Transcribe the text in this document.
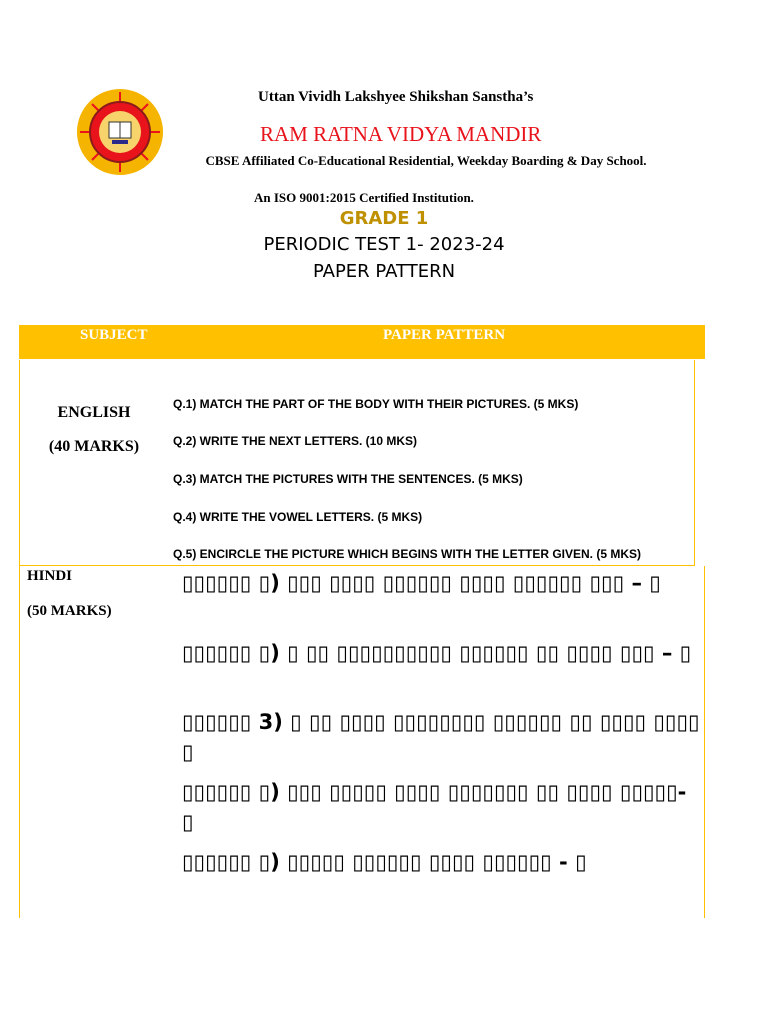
Uttan Vividh Lakshyee Shikshan Sanstha’s
RAM RATNA VIDYA MANDIR
CBSE Affiliated Co-Educational Residential, Weekday Boarding & Day School.
An ISO 9001:2015 Certified Institution.
GRADE 1
PERIODIC TEST 1- 2023-24
PAPER PATTERN
SUBJECT	PAPER PATTERN
ENGLISH
(40 MARKS)
Q.1) MATCH THE PART OF THE BODY WITH THEIR PICTURES. (5 MKS)
Q.2) WRITE THE NEXT LETTERS. (10 MKS)
Q.3) MATCH THE PICTURES WITH THE SENTENCES. (5 MKS)
Q.4) WRITE THE VOWEL LETTERS. (5 MKS)
Q.5) ENCIRCLE THE PICTURE WHICH BEGINS WITH THE LETTER GIVEN. (5 MKS)
HINDI
(50 MARKS)
▯▯▯▯▯▯ ▯) ▯▯▯ ▯▯▯▯ ▯▯▯▯▯▯ ▯▯▯▯ ▯▯▯▯▯▯ ▯▯▯ – ▯
▯▯▯▯▯▯ ▯) ▯ ▯▯ ▯▯▯▯▯▯▯▯▯▯ ▯▯▯▯▯▯ ▯▯ ▯▯▯▯ ▯▯▯ – ▯
▯▯▯▯▯▯ 3) ▯ ▯▯ ▯▯▯▯ ▯▯▯▯▯▯▯▯ ▯▯▯▯▯▯ ▯▯ ▯▯▯▯ ▯▯▯▯ ▯
▯▯▯▯▯▯ ▯) ▯▯▯ ▯▯▯▯▯ ▯▯▯▯ ▯▯▯▯▯▯▯ ▯▯ ▯▯▯▯ ▯▯▯▯▯- ▯
▯▯▯▯▯▯ ▯) ▯▯▯▯▯ ▯▯▯▯▯▯ ▯▯▯▯ ▯▯▯▯▯▯ - ▯
